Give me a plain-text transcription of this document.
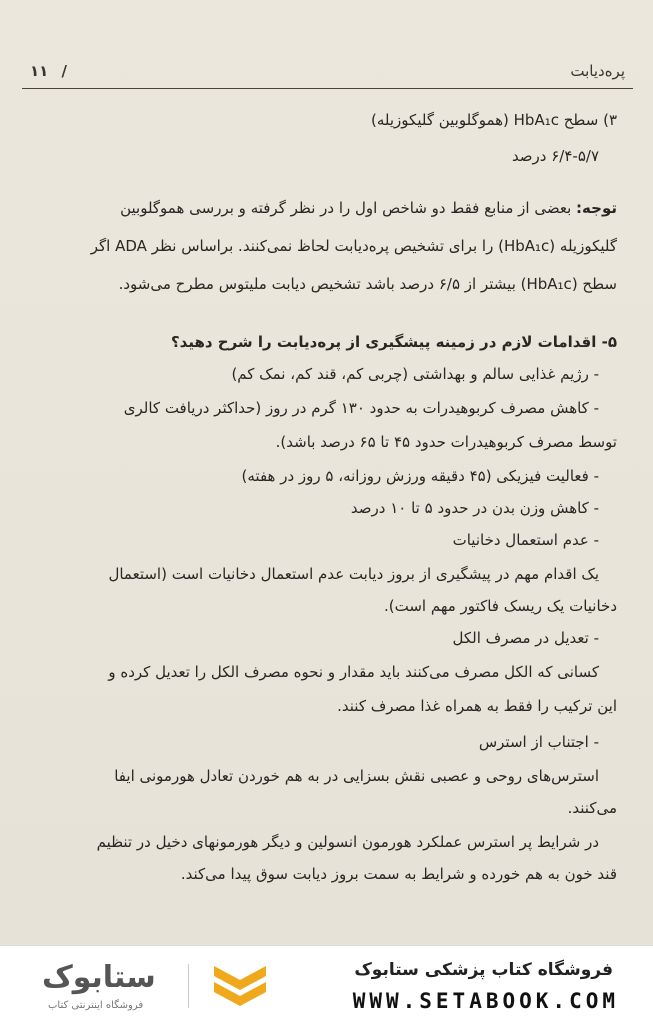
۱۱ /	پره‌دیابت
۳) سطح HbA₁c (هموگلوبین گلیکوزیله)
۶/۴-۵/۷ درصد
توجه: بعضی از منابع فقط دو شاخص اول را در نظر گرفته و بررسی هموگلوبین
گلیکوزیله (HbA₁c) را برای تشخیص پره‌دیابت لحاظ نمی‌کنند. براساس نظر ADA اگر
سطح (HbA₁c) بیشتر از ۶/۵ درصد باشد تشخیص دیابت ملیتوس مطرح می‌شود.
۵- اقدامات لازم در زمینه پیشگیری از پره‌دیابت را شرح دهید؟
- رژیم غذایی سالم و بهداشتی (چربی کم، قند کم، نمک کم)
- کاهش مصرف کربوهیدرات به حدود ۱۳۰ گرم در روز (حداکثر دریافت کالری
توسط مصرف کربوهیدرات حدود ۴۵ تا ۶۵ درصد باشد).
- فعالیت فیزیکی (۴۵ دقیقه ورزش روزانه، ۵ روز در هفته)
- کاهش وزن بدن در حدود ۵ تا ۱۰ درصد
- عدم استعمال دخانیات
یک اقدام مهم در پیشگیری از بروز دیابت عدم استعمال دخانیات است (استعمال
دخانیات یک ریسک فاکتور مهم است).
- تعدیل در مصرف الکل
کسانی که الکل مصرف می‌کنند باید مقدار و نحوه مصرف الکل را تعدیل کرده و
این ترکیب را فقط به همراه غذا مصرف کنند.
- اجتناب از استرس
استرس‌های روحی و عصبی نقش بسزایی در به هم خوردن تعادل هورمونی ایفا
می‌کنند.
در شرایط پر استرس عملکرد هورمون انسولین و دیگر هورمونهای دخیل در تنظیم
قند خون به هم خورده و شرایط به سمت بروز دیابت سوق پیدا می‌کند.
ستابوک
فروشگاه اینترنتی کتاب
فروشگاه کتاب پزشکی ستابوک
WWW.SETABOOK.COM
